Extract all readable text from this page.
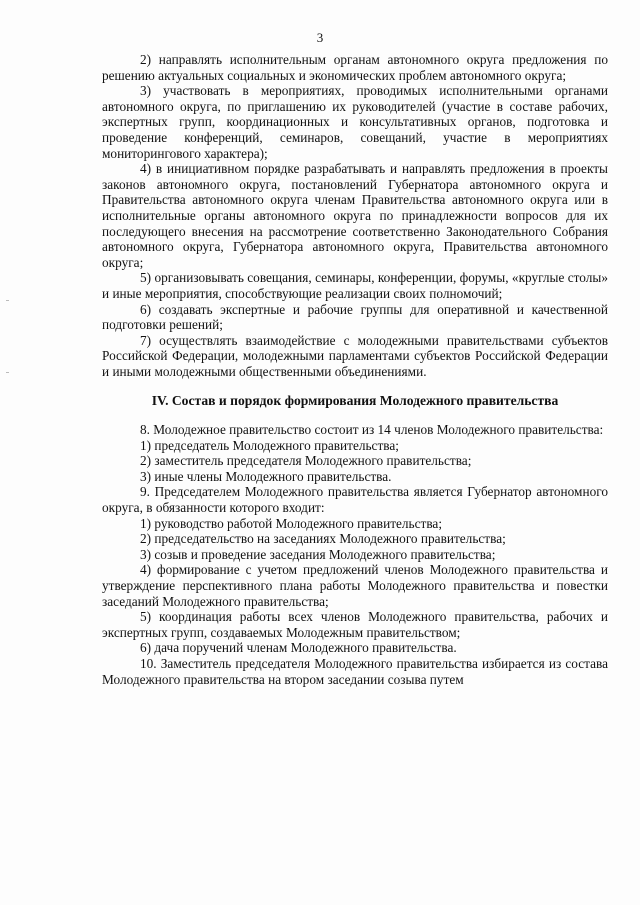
3

2) направлять исполнительным органам автономного округа предложения по решению актуальных социальных и экономических проблем автономного округа;

3) участвовать в мероприятиях, проводимых исполнительными органами автономного округа, по приглашению их руководителей (участие в составе рабочих, экспертных групп, координационных и консультативных органов, подготовка и проведение конференций, семинаров, совещаний, участие в мероприятиях мониторингового характера);

4) в инициативном порядке разрабатывать и направлять предложения в проекты законов автономного округа, постановлений Губернатора автономного округа и Правительства автономного округа членам Правительства автономного округа или в исполнительные органы автономного округа по принадлежности вопросов для их последующего внесения на рассмотрение соответственно Законодательного Собрания автономного округа, Губернатора автономного округа, Правительства автономного округа;

5) организовывать совещания, семинары, конференции, форумы, «круглые столы» и иные мероприятия, способствующие реализации своих полномочий;

6) создавать экспертные и рабочие группы для оперативной и качественной подготовки решений;

7) осуществлять взаимодействие с молодежными правительствами субъектов Российской Федерации, молодежными парламентами субъектов Российской Федерации и иными молодежными общественными объединениями.

IV. Состав и порядок формирования Молодежного правительства

8. Молодежное правительство состоит из 14 членов Молодежного правительства:

1) председатель Молодежного правительства;

2) заместитель председателя Молодежного правительства;

3) иные члены Молодежного правительства.

9. Председателем Молодежного правительства является Губернатор автономного округа, в обязанности которого входит:

1) руководство работой Молодежного правительства;

2) председательство на заседаниях Молодежного правительства;

3) созыв и проведение заседания Молодежного правительства;

4) формирование с учетом предложений членов Молодежного правительства и утверждение перспективного плана работы Молодежного правительства и повестки заседаний Молодежного правительства;

5) координация работы всех членов Молодежного правительства, рабочих и экспертных групп, создаваемых Молодежным правительством;

6) дача поручений членам Молодежного правительства.

10. Заместитель председателя Молодежного правительства избирается из состава Молодежного правительства на втором заседании созыва путем
